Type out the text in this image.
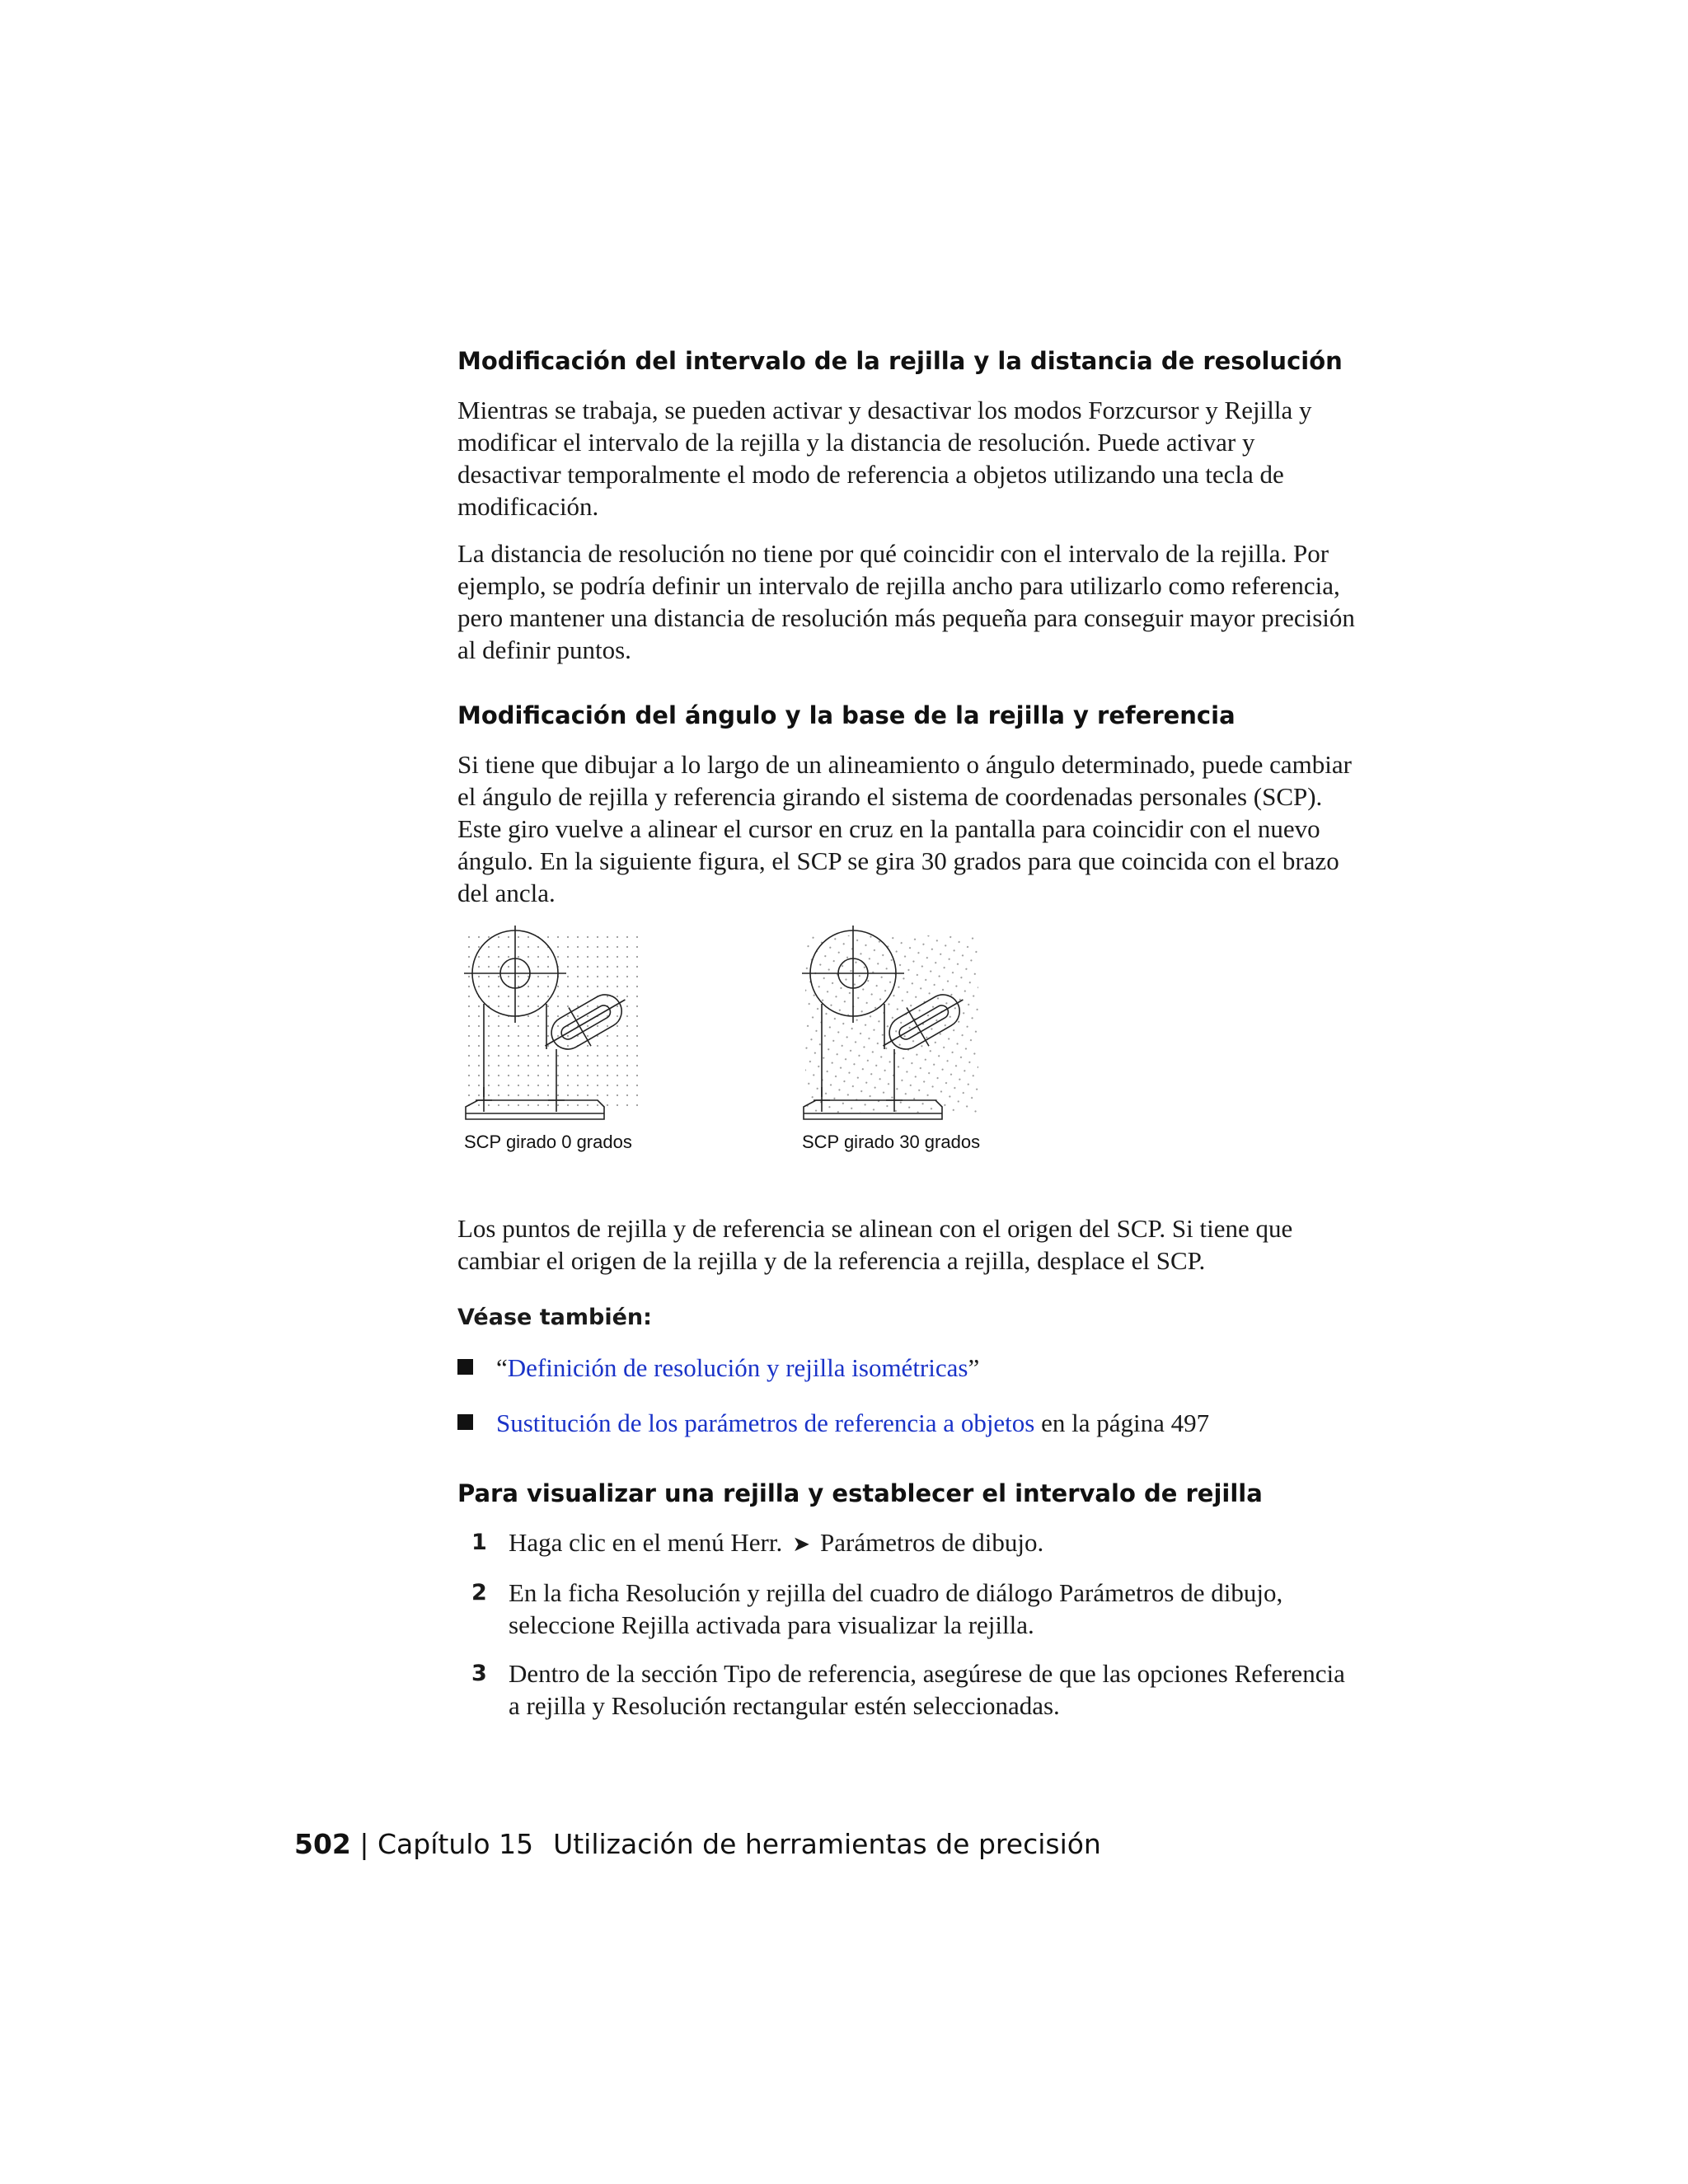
Modificación del intervalo de la rejilla y la distancia de resolución

Mientras se trabaja, se pueden activar y desactivar los modos Forzcursor y Rejilla y modificar el intervalo de la rejilla y la distancia de resolución. Puede activar y desactivar temporalmente el modo de referencia a objetos utilizando una tecla de modificación.

La distancia de resolución no tiene por qué coincidir con el intervalo de la rejilla. Por ejemplo, se podría definir un intervalo de rejilla ancho para utilizarlo como referencia, pero mantener una distancia de resolución más pequeña para conseguir mayor precisión al definir puntos.

Modificación del ángulo y la base de la rejilla y referencia

Si tiene que dibujar a lo largo de un alineamiento o ángulo determinado, puede cambiar el ángulo de rejilla y referencia girando el sistema de coordenadas personales (SCP). Este giro vuelve a alinear el cursor en cruz en la pantalla para coincidir con el nuevo ángulo. En la siguiente figura, el SCP se gira 30 grados para que coincida con el brazo del ancla.

SCP girado 0 grados	SCP girado 30 grados

Los puntos de rejilla y de referencia se alinean con el origen del SCP. Si tiene que cambiar el origen de la rejilla y de la referencia a rejilla, desplace el SCP.

Véase también:
“Definición de resolución y rejilla isométricas”
Sustitución de los parámetros de referencia a objetos en la página 497
Para visualizar una rejilla y establecer el intervalo de rejilla
1 Haga clic en el menú Herr. ➤ Parámetros de dibujo.
2 En la ficha Resolución y rejilla del cuadro de diálogo Parámetros de dibujo, seleccione Rejilla activada para visualizar la rejilla.
3 Dentro de la sección Tipo de referencia, asegúrese de que las opciones Referencia a rejilla y Resolución rectangular estén seleccionadas.
502 | Capítulo 15 Utilización de herramientas de precisión
